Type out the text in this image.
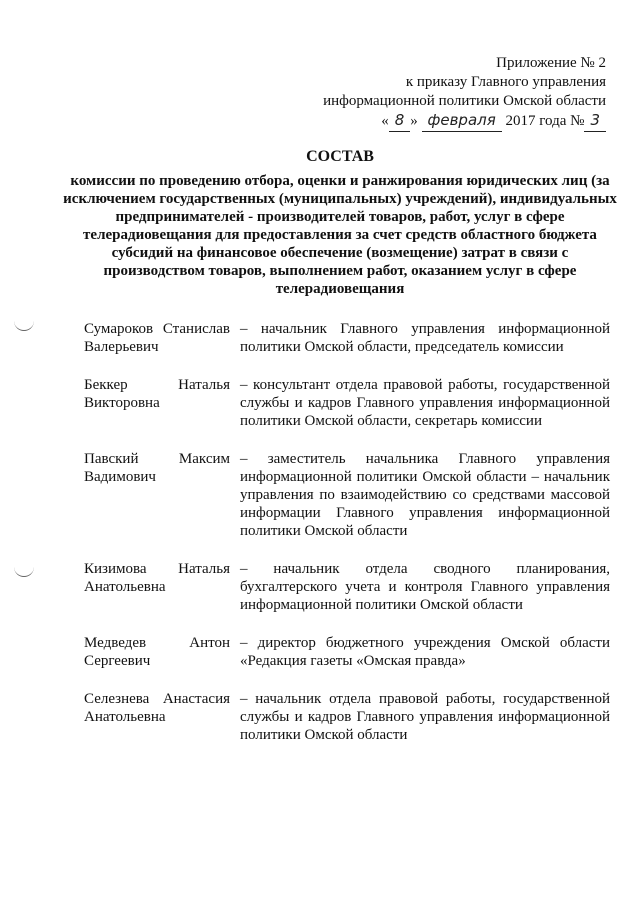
Приложение № 2
к приказу Главного управления
информационной политики Омской области
« 8 » февраля 2017 года № 3
СОСТАВ
комиссии по проведению отбора, оценки и ранжирования юридических лиц (за исключением государственных (муниципальных) учреждений), индивидуальных предпринимателей - производителей товаров, работ, услуг в сфере телерадиовещания для предоставления за счет средств областного бюджета субсидий на финансовое обеспечение (возмещение) затрат в связи с производством товаров, выполнением работ, оказанием услуг в сфере телерадиовещания
Сумароков Станислав Валерьевич
– начальник Главного управления информационной политики Омской области, председатель комиссии
Беккер Наталья Викторовна
– консультант отдела правовой работы, государственной службы и кадров Главного управления информационной политики Омской области, секретарь комиссии
Павский Максим Вадимович
– заместитель начальника Главного управления информационной политики Омской области – начальник управления по взаимодействию со средствами массовой информации Главного управления информационной политики Омской области
Кизимова Наталья Анатольевна
– начальник отдела сводного планирования, бухгалтерского учета и контроля Главного управления информационной политики Омской области
Медведев Антон Сергеевич
– директор бюджетного учреждения Омской области «Редакция газеты «Омская правда»
Селезнева Анастасия Анатольевна
– начальник отдела правовой работы, государственной службы и кадров Главного управления информационной политики Омской области
